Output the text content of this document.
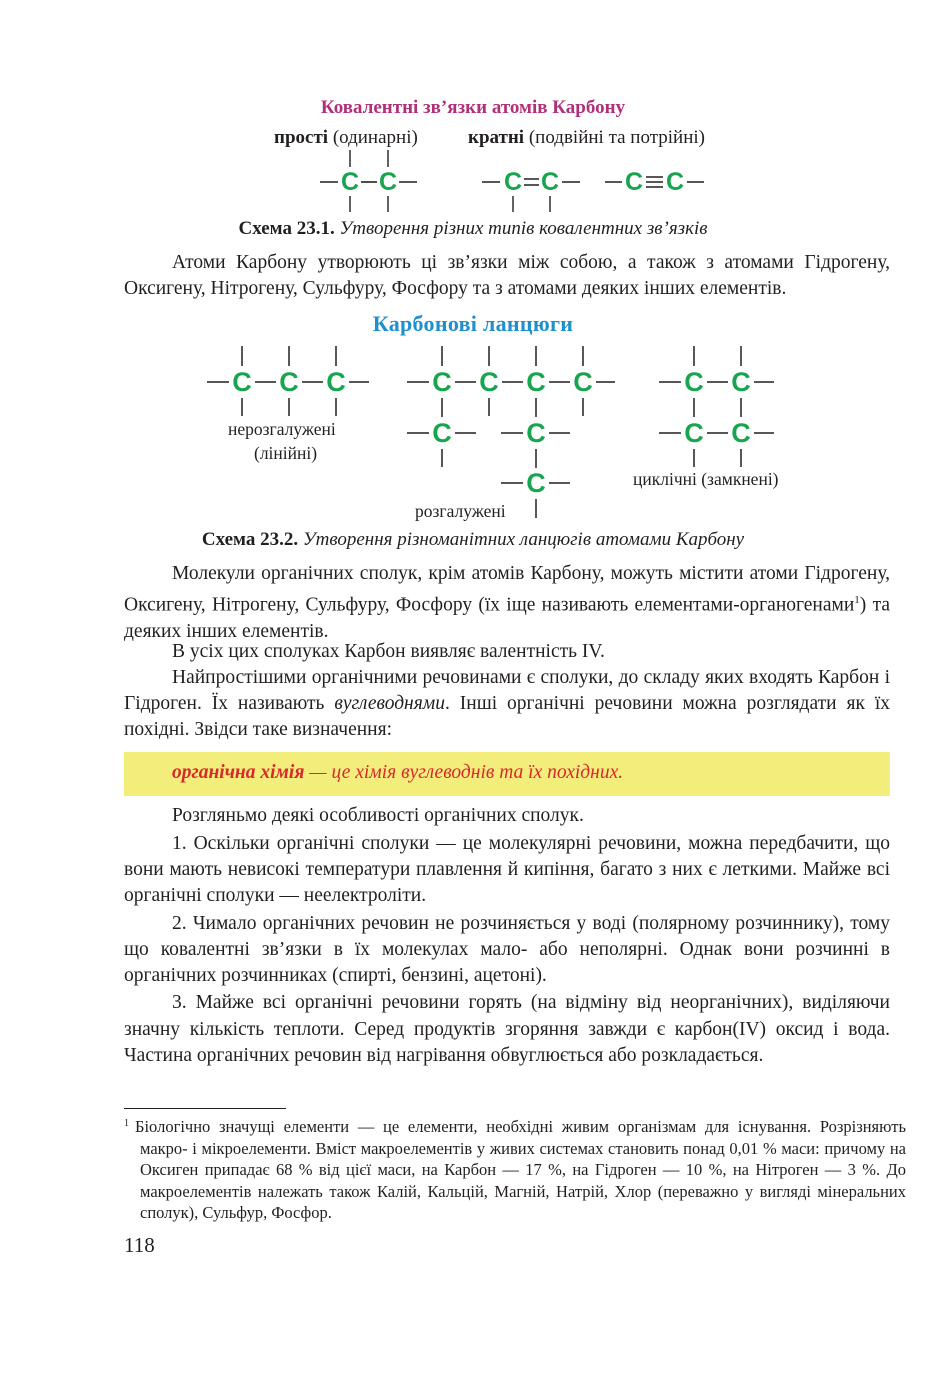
Ковалентні зв’язки атомів Карбону
прості (одинарні)	кратні (подвійні та потрійні)
C C	C C	C C
C C C	C C C C
C	C
C
C
C
C
C
Схема 23.1. Утворення різних типів ковалентних зв’язків

Атоми Карбону утворюють ці зв’язки між собою, а також з атомами Гідрогену, Оксигену, Нітрогену, Сульфуру, Фосфору та з атомами деяких інших елементів.

Карбонові ланцюги
нерозгалужені
(лінійні)
розгалужені
циклічні (замкнені)
Схема 23.2. Утворення різноманітних ланцюгів атомами Карбону

Молекули органічних сполук, крім атомів Карбону, можуть містити атоми Гідрогену, Оксигену, Нітрогену, Сульфуру, Фосфору (їх іще називають елементами-органогенами$^1$) та деяких інших елементів.

В усіх цих сполуках Карбон виявляє валентність IV.

Найпростішими органічними речовинами є сполуки, до складу яких входять Карбон і Гідроген. Їх називають вуглеводнями. Інші органічні речовини можна розглядати як їх похідні. Звідси таке визначення:

органічна хімія — це хімія вуглеводнів та їх похідних.

Розгляньмо деякі особливості органічних сполук.

1. Оскільки органічні сполуки — це молекулярні речовини, можна передбачити, що вони мають невисокі температури плавлення й кипіння, багато з них є леткими. Майже всі органічні сполуки — неелектроліти.

2. Чимало органічних речовин не розчиняється у воді (полярному розчиннику), тому що ковалентні зв’язки в їх молекулах мало- або неполярні. Однак вони розчинні в органічних розчинниках (спирті, бензині, ацетоні).

3. Майже всі органічні речовини горять (на відміну від неорганічних), виділяючи значну кількість теплоти. Серед продуктів згоряння завжди є карбон(IV) оксид і вода. Частина органічних речовин від нагрівання обвуглюється або розкладається.

$^1$ Біологічно значущі елементи — це елементи, необхідні живим організмам для існування. Розрізняють макро- і мікроелементи. Вміст макроелементів у живих системах становить понад 0,01 % маси: причому на Оксиген припадає 68 % від цієї маси, на Карбон — 17 %, на Гідроген — 10 %, на Нітроген — 3 %. До макроелементів належать також Калій, Кальцій, Магній, Натрій, Хлор (переважно у вигляді мінеральних сполук), Сульфур, Фосфор.

118
